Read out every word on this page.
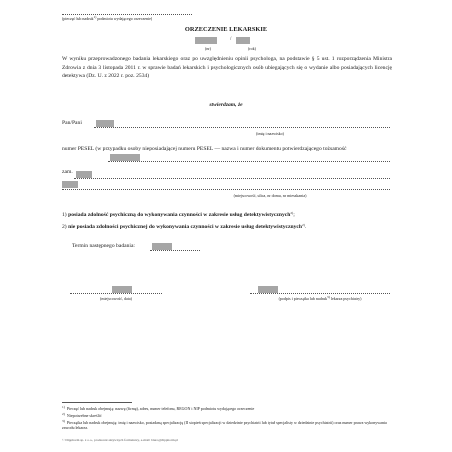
(pieczęć lub nadruk$^{1)}$ podmiotu wydającego orzeczenie)
ORZECZENIE LEKARSKIE
/
(nr)	(rok)
W wyniku przeprowadzonego badania lekarskiego oraz po uwzględnieniu opinii psychologa, na podstawie § 5 ust. 1 rozporządzenia Ministra Zdrowia z dnia 3 listopada 2011 r. w sprawie badań lekarskich i psychologicznych osób ubiegających się o wydanie albo posiadających licencję detektywa (Dz. U. z 2022 r. poz. 2534)
stwierdzam, że
Pan/Pani
(imię i nazwisko)
numer PESEL (w przypadku osoby nieposiadającej numeru PESEL — nazwa i numer dokumentu potwierdzającego tożsamość
zam.
(miejscowość, ulica, nr domu, nr mieszkania)
1) posiada zdolność psychiczną do wykonywania czynności w zakresie usług detektywistycznych$^{2)}$;
2) nie posiada zdolności psychicznej do wykonywania czynności w zakresie usług detektywistycznych$^{2)}$.
Termin następnego badania:
(miejscowość, data)	(podpis i pieczątka lub nadruk$^{3)}$ lekarza psychiatry)
$^{1)}$ Pieczęć lub nadruk obejmują: nazwę (firmę), adres, numer telefonu, REGON i NIP podmiotu wydającego orzeczenie
$^{2)}$ Niepotrzebne skreślić
$^{3)}$ Pieczątka lub nadruk obejmują: imię i nazwisko, posiadaną specjalizację (II stopień specjalizacji w dziedzinie psychiatrii lub tytuł specjalisty w dziedzinie psychiatrii) oraz numer prawa wykonywania zawodu lekarza.
© Dipphorm sp. z o.o., producent aktywnych formularzy, e-mail: biuro@dipphorm.pl
